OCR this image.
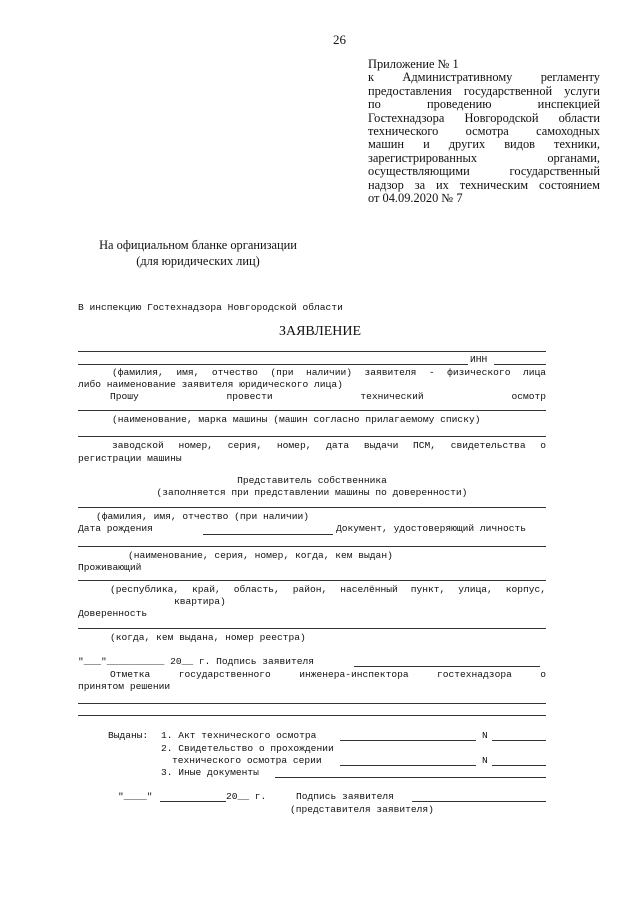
26
Приложение № 1
к Административному регламенту
предоставления государственной услуги
по проведению инспекцией
Гостехнадзора Новгородской области
технического осмотра самоходных
машин и других видов техники,
зарегистрированных органами,
осуществляющими государственный
надзор за их техническим состоянием
от 04.09.2020 № 7
На официальном бланке организации
(для юридических лиц)
В инспекцию Гостехнадзора Новгородской области
ЗАЯВЛЕНИЕ
ИНН
(фамилия, имя, отчество (при наличии) заявителя - физического лица
либо наименование заявителя юридического лица)
Прошу провести технический осмотр
(наименование, марка машины (машин согласно прилагаемому списку)
заводской номер, серия, номер, дата выдачи ПСМ, свидетельства о
регистрации машины
Представитель собственника
(заполняется при представлении машины по доверенности)
(фамилия, имя, отчество (при наличии)
Дата рождения	Документ, удостоверяющий личность
(наименование, серия, номер, когда, кем выдан)
Проживающий
(республика, край, область, район, населённый пункт, улица, корпус,
квартира)
Доверенность
(когда, кем выдана, номер реестра)
"___"__________ 20__ г. Подпись заявителя
Отметка государственного инженера-инспектора гостехнадзора о
принятом решении
Выданы: 1. Акт технического осмотра	N
2. Свидетельство о прохождении
технического осмотра серии	N
3. Иные документы
"____"	20__ г.	Подпись заявителя
(представителя заявителя)
